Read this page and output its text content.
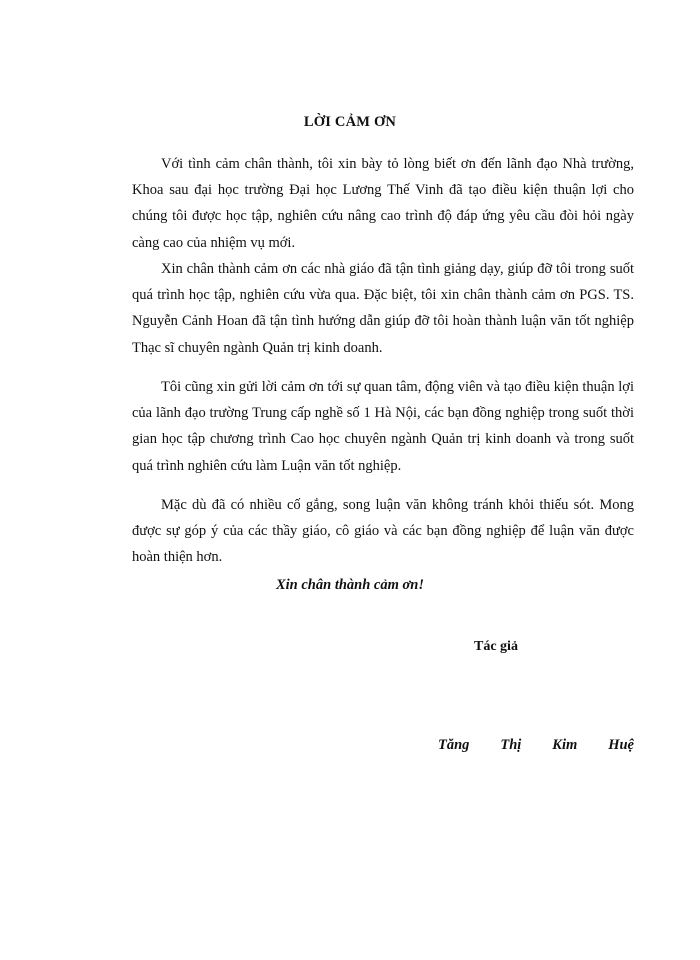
LỜI CẢM ƠN

Với tình cảm chân thành, tôi xin bày tỏ lòng biết ơn đến lãnh đạo Nhà trường, Khoa sau đại học trường Đại học Lương Thế Vinh đã tạo điều kiện thuận lợi cho chúng tôi được học tập, nghiên cứu nâng cao trình độ đáp ứng yêu cầu đòi hỏi ngày càng cao của nhiệm vụ mới.

Xin chân thành cảm ơn các nhà giáo đã tận tình giảng dạy, giúp đỡ tôi trong suốt quá trình học tập, nghiên cứu vừa qua. Đặc biệt, tôi xin chân thành cảm ơn PGS. TS. Nguyễn Cảnh Hoan đã tận tình hướng dẫn giúp đỡ tôi hoàn thành luận văn tốt nghiệp Thạc sĩ chuyên ngành Quản trị kinh doanh.

Tôi cũng xin gửi lời cảm ơn tới sự quan tâm, động viên và tạo điều kiện thuận lợi của lãnh đạo trường Trung cấp nghề số 1 Hà Nội, các bạn đồng nghiệp trong suốt thời gian học tập chương trình Cao học chuyên ngành Quản trị kinh doanh và trong suốt quá trình nghiên cứu làm Luận văn tốt nghiệp.

Mặc dù đã có nhiều cố gắng, song luận văn không tránh khỏi thiếu sót. Mong được sự góp ý của các thầy giáo, cô giáo và các bạn đồng nghiệp để luận văn được hoàn thiện hơn.

Xin chân thành cảm ơn!

Tác giả

Tăng Thị Kim Huệ
